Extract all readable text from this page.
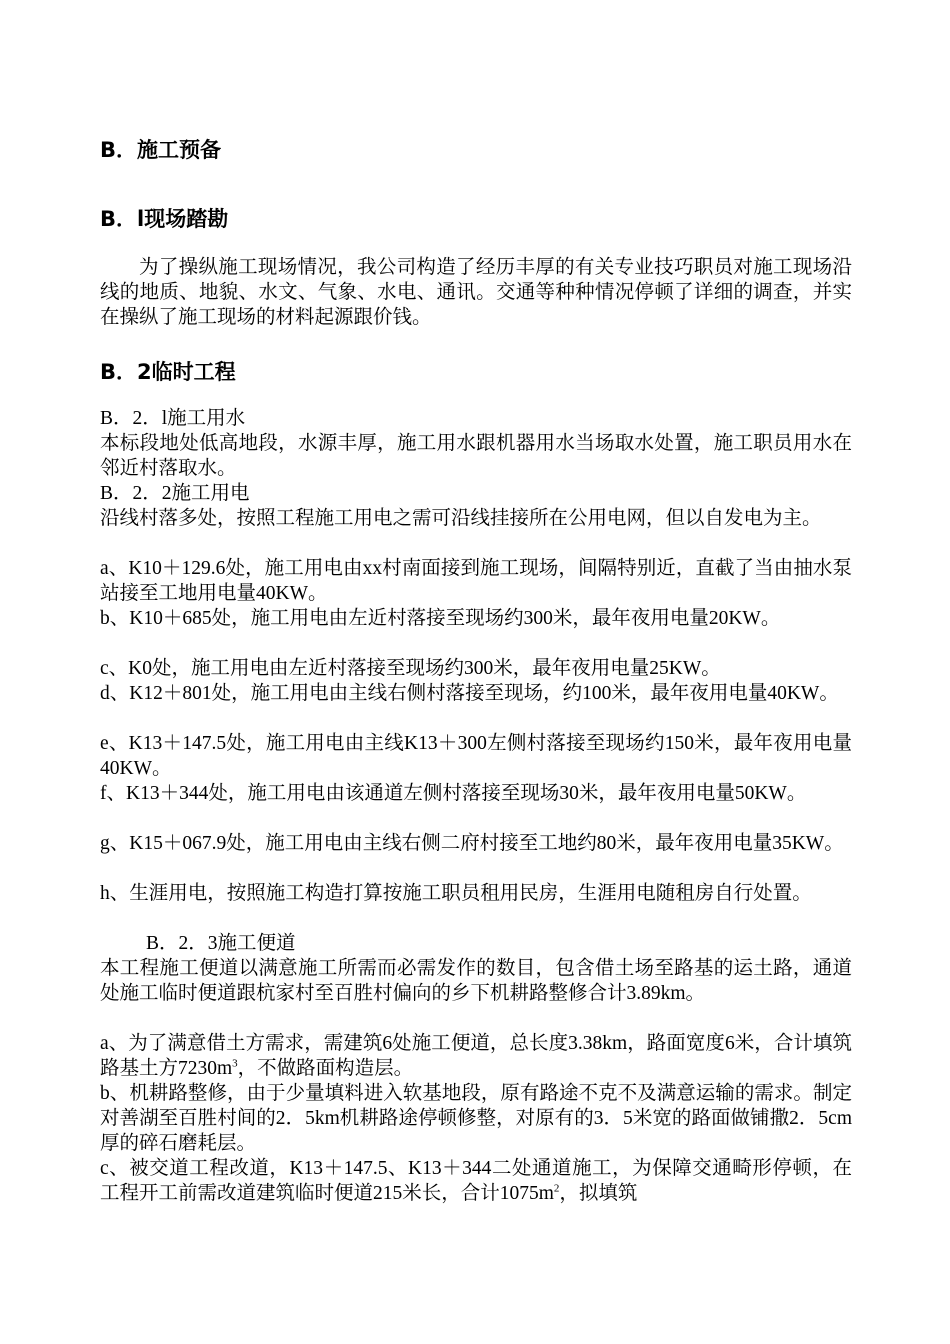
B．施工预备
B．l现场踏勘

为了操纵施工现场情况，我公司构造了经历丰厚的有关专业技巧职员对施工现场沿线的地质、地貌、水文、气象、水电、通讯。交通等种种情况停顿了详细的调查，并实在操纵了施工现场的材料起源跟价钱。

B．2临时工程

B．2．l施工用水

本标段地处低高地段，水源丰厚，施工用水跟机器用水当场取水处置，施工职员用水在邻近村落取水。

B．2．2施工用电

沿线村落多处，按照工程施工用电之需可沿线挂接所在公用电网，但以自发电为主。

a、K10＋129.6处，施工用电由xx村南面接到施工现场，间隔特别近，直截了当由抽水泵站接至工地用电量40KW。

b、K10＋685处，施工用电由左近村落接至现场约300米，最年夜用电量20KW。

c、K0处，施工用电由左近村落接至现场约300米，最年夜用电量25KW。

d、K12＋801处，施工用电由主线右侧村落接至现场，约100米，最年夜用电量40KW。

e、K13＋147.5处，施工用电由主线K13＋300左侧村落接至现场约150米，最年夜用电量40KW。

f、K13＋344处，施工用电由该通道左侧村落接至现场30米，最年夜用电量50KW。

g、K15＋067.9处，施工用电由主线右侧二府村接至工地约80米，最年夜用电量35KW。

h、生涯用电，按照施工构造打算按施工职员租用民房，生涯用电随租房自行处置。

B．2．3施工便道

本工程施工便道以满意施工所需而必需发作的数目，包含借土场至路基的运土路，通道处施工临时便道跟杭家村至百胜村偏向的乡下机耕路整修合计3.89km。

a、为了满意借土方需求，需建筑6处施工便道，总长度3.38km，路面宽度6米，合计填筑路基土方$7230m^3$，不做路面构造层。

b、机耕路整修，由于少量填料进入软基地段，原有路途不克不及满意运输的需求。制定对善湖至百胜村间的2．5km机耕路途停顿修整，对原有的3．5米宽的路面做铺撒2．5cm厚的碎石磨耗层。

c、被交道工程改道，K13＋147.5、K13＋344二处通道施工，为保障交通畸形停顿，在工程开工前需改道建筑临时便道215米长，合计$1075m^2$，拟填筑
